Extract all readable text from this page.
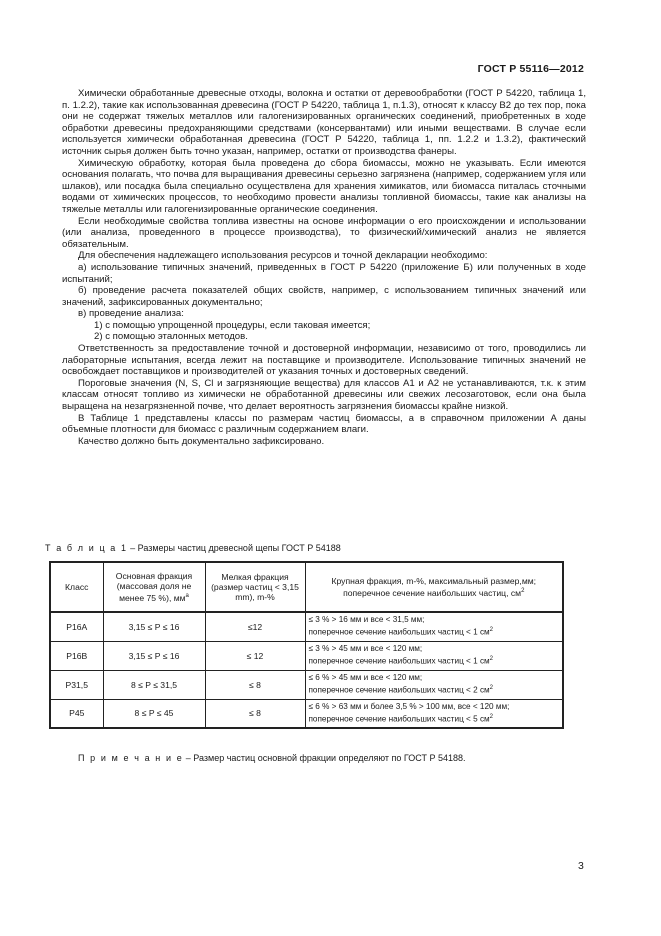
ГОСТ Р 55116—2012

Химически обработанные древесные отходы, волокна и остатки от деревообработки (ГОСТ Р 54220, таблица 1, п. 1.2.2), такие как использованная древесина (ГОСТ Р 54220, таблица 1, п.1.3), относят к классу В2 до тех пор, пока они не содержат тяжелых металлов или галогенизированных органических соединений, приобретенных в ходе обработки древесины предохраняющими средствами (консервантами) или иными веществами. В случае если используется химически обработанная древесина (ГОСТ Р 54220, таблица 1, пп. 1.2.2 и 1.3.2), фактический источник сырья должен быть точно указан, например, остатки от производства фанеры.

Химическую обработку, которая была проведена до сбора биомассы, можно не указывать. Если имеются основания полагать, что почва для выращивания древесины серьезно загрязнена (например, содержанием угля или шлаков), или посадка была специально осуществлена для хранения химикатов, или биомасса питалась сточными водами от химических процессов, то необходимо провести анализы топливной биомассы, такие как анализы на тяжелые металлы или галогенизированные органические соединения.

Если необходимые свойства топлива известны на основе информации о его происхождении и использовании (или анализа, проведенного в процессе производства), то физический/химический анализ не является обязательным.

Для обеспечения надлежащего использования ресурсов и точной декларации необходимо:

а) использование типичных значений, приведенных в ГОСТ Р 54220 (приложение Б) или полученных в ходе испытаний;

б) проведение расчета показателей общих свойств, например, с использованием типичных значений или значений, зафиксированных документально;

в) проведение анализа:

1) с помощью упрощенной процедуры, если таковая имеется;

2) с помощью эталонных методов.

Ответственность за предоставление точной и достоверной информации, независимо от того, проводились ли лабораторные испытания, всегда лежит на поставщике и производителе. Использование типичных значений не освобождает поставщиков и производителей от указания точных и достоверных сведений.

Пороговые значения (N, S, Cl и загрязняющие вещества) для классов А1 и А2 не устанавливаются, т.к. к этим классам относят топливо из химически не обработанной древесины или свежих лесозаготовок, если она была выращена на незагрязненной почве, что делает вероятность загрязнения биомассы крайне низкой.

В Таблице 1 представлены классы по размерам частиц биомассы, а в справочном приложении А даны объемные плотности для биомасс с различным содержанием влаги.

Качество должно быть документально зафиксировано.

Т а б л и ц а 1 – Размеры частиц древесной щепы ГОСТ Р 54188
Класс	Основная фракция (массовая доля не менее 75 %), $мм^a$	Мелкая фракция (размер частиц < 3,15 mm), m-%	Крупная фракция, m-%, максимальный размер,мм; поперечное сечение наибольших частиц, $см^2$
P16A	3,15 ≤ P ≤ 16	≤12	≤ 3 % > 16 мм и все < 31,5 мм;
поперечное сечение наибольших частиц < 1 $см^2$
P16B	3,15 ≤ P ≤ 16	≤ 12	≤ 3 % > 45 мм и все < 120 мм;
поперечное сечение наибольших частиц < 1 $см^2$
P31,5	8 ≤ P ≤ 31,5	≤ 8	≤ 6 % > 45 мм и все < 120 мм;
поперечное сечение наибольших частиц < 2 $см^2$
P45	8 ≤ P ≤ 45	≤ 8	≤ 6 % > 63 мм и более 3,5 % > 100 мм, все < 120 мм;
поперечное сечение наибольших частиц < 5 $см^2$
П р и м е ч а н и е – Размер частиц основной фракции определяют по ГОСТ Р 54188.
3
